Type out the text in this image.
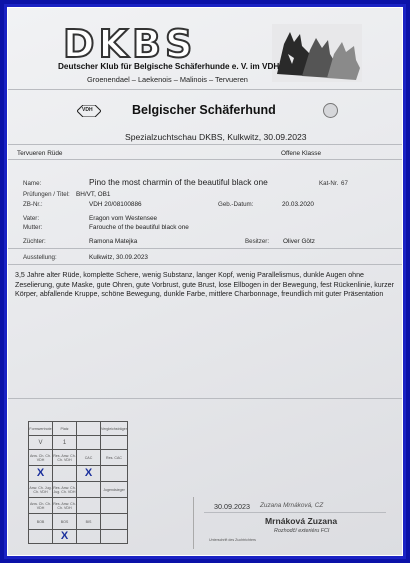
DKBS
Deutscher Klub für Belgische Schäferhunde e. V. im VDH
Groenendael – Laekenois – Malinois – Tervueren
VDH	Belgischer Schäferhund
Spezialzuchtschau DKBS, Kulkwitz, 30.09.2023
Tervueren Rüde	Offene Klasse
Name:	Pino the most charmin of the beautiful black one	Kat-Nr. 67
Prüfungen / Titel: BH/VT, OB1
ZB-Nr.:	VDH 20/08100886	Geb.-Datum:	20.03.2020
Vater:	Eragon vom Westensee
Mutter:	Farouche of the beautiful black one
Züchter:	Ramona Matejka	Besitzer: Oliver Götz
Ausstellung:	Kulkwitz, 30.09.2023
3,5 Jahre alter Rüde, komplette Schere, wenig Substanz, langer Kopf, wenig Parallelismus, dunkle Augen ohne Zeselierung, gute Maske, gute Ohren, gute Vorbrust, gute Brust, lose Ellbogen in der Bewegung, fest Rückenlinie, kurzer Körper, abfallende Kruppe, schöne Bewegung, dunkle Farbe, mittlere Charbonnage, freundlich mit guter Präsentation
Formwertnote	Platz		Vergleichsträger
V	1		
Anw. Ch. Ch. VDH	Res. Anw. Ch. Ch. VDH	CAC	Res. CAC
X		X	
Anw. Ch. Jug. Ch. VDH	Res. Anw. Ch. Jug. Ch. VDH		Jugendsieger
Anw. Ch. Ch. VDH	Res. Anw. Ch. Ch. VDH		
BOB	BOS	BIS	
	X		
30.09.2023 Zuzana Mrnáková, CZ
Mrnáková Zuzana
Rozhodčí exteriéru FCI
Unterschrift des Zuchtrichters
